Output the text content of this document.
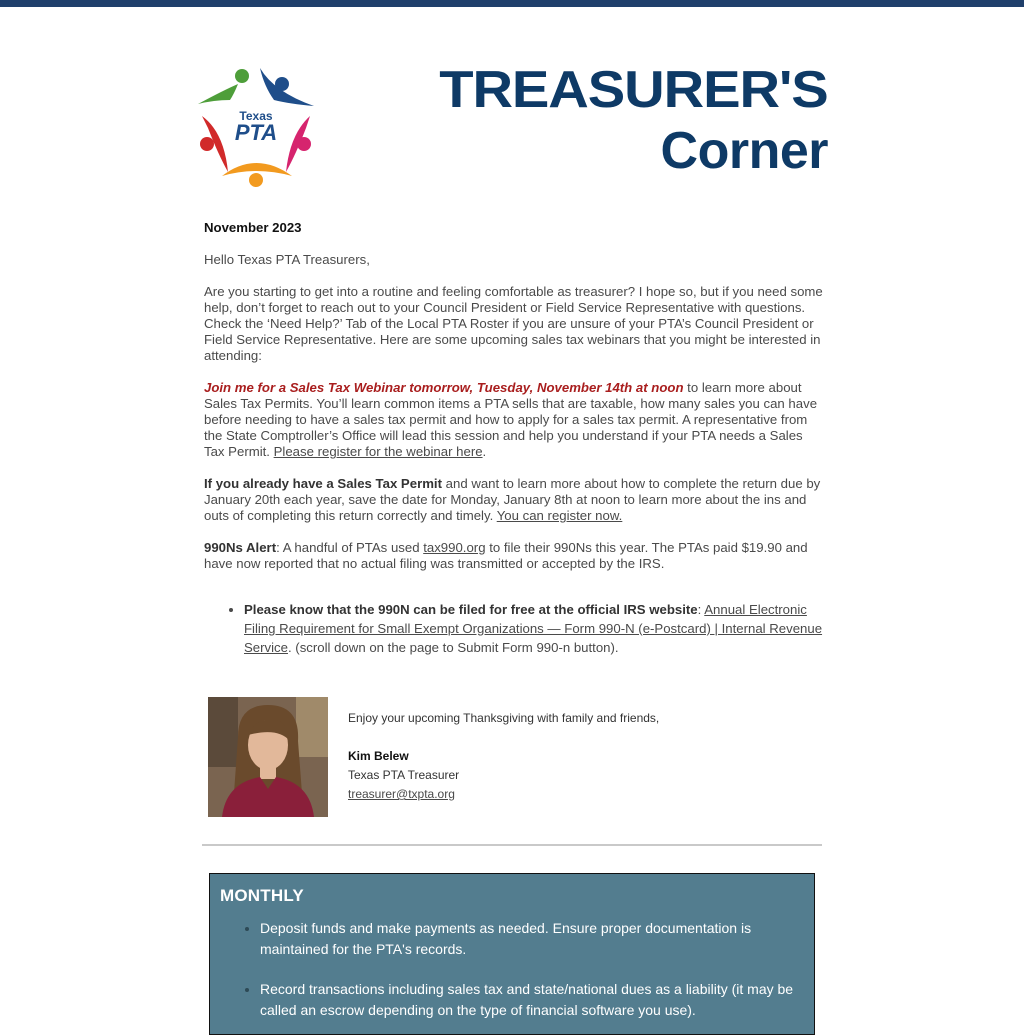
Texas
PTA
TREASURER'S
Corner

November 2023

Hello Texas PTA Treasurers,

Are you starting to get into a routine and feeling comfortable as treasurer? I hope so, but if you need some help, don’t forget to reach out to your Council President or Field Service Representative with questions. Check the ‘Need Help?’ Tab of the Local PTA Roster if you are unsure of your PTA’s Council President or Field Service Representative. Here are some upcoming sales tax webinars that you might be interested in attending:

Join me for a Sales Tax Webinar tomorrow, Tuesday, November 14th at noon to learn more about Sales Tax Permits. You’ll learn common items a PTA sells that are taxable, how many sales you can have before needing to have a sales tax permit and how to apply for a sales tax permit. A representative from the State Comptroller’s Office will lead this session and help you understand if your PTA needs a Sales Tax Permit. Please register for the webinar here.

If you already have a Sales Tax Permit and want to learn more about how to complete the return due by January 20th each year, save the date for Monday, January 8th at noon to learn more about the ins and outs of completing this return correctly and timely. You can register now.

990Ns Alert: A handful of PTAs used tax990.org to file their 990Ns this year. The PTAs paid $19.90 and have now reported that no actual filing was transmitted or accepted by the IRS.

• Please know that the 990N can be filed for free at the official IRS website: Annual Electronic Filing Requirement for Small Exempt Organizations — Form 990-N (e-Postcard) | Internal Revenue Service. (scroll down on the page to Submit Form 990-n button).
Enjoy your upcoming Thanksgiving with family and friends,
Kim Belew
Texas PTA Treasurer
treasurer@txpta.org
MONTHLY
• Deposit funds and make payments as needed. Ensure proper documentation is maintained for the PTA's records.
• Record transactions including sales tax and state/national dues as a liability (it may be called an escrow depending on the type of financial software you use).
